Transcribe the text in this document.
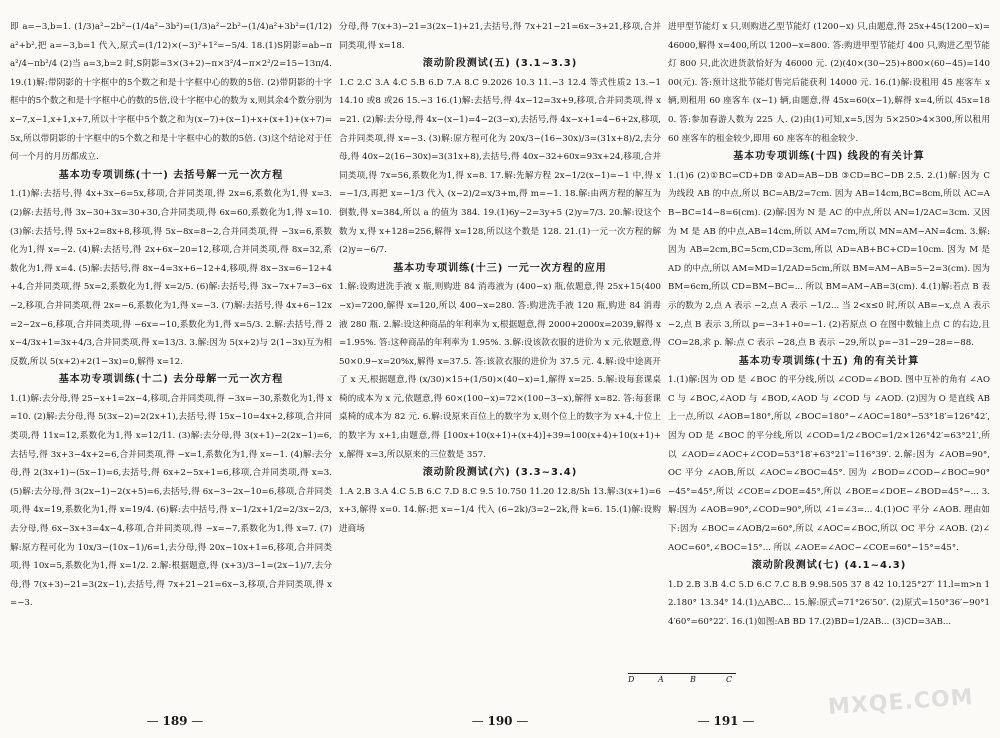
即 a=−3,b=1. (1/3)a²−2b²−(1/4a²−3b²)=(1/3)a²−2b²−(1/4)a²+3b²=(1/12)a²+b²,把 a=−3,b=1 代入,原式=(1/12)×(−3)²+1²=−5/4. 18.(1)S阴影=ab−πa²/4−πb²/4 (2)当 a=3,b=2 时,S阴影=3×(3+2)−π×3²/4−π×2²/2=15−13π/4. 19.(1)解:带阴影的十字框中的5个数之和是十字框中心的数的5倍. (2)带阴影的十字框中的5个数之和是十字框中心的数的5倍,设十字框中心的数为 x,则其余4个数分别为 x−7,x−1,x+1,x+7,所以十字框中5个数之和为(x−7)+(x−1)+x+(x+1)+(x+7)=5x,所以带阴影的十字框中的5个数之和是十字框中心的数的5倍. (3)这个结论对于任何一个月的月历都成立.

基本功专项训练(十一) 去括号解一元一次方程

1.(1)解:去括号,得 4x+3x−6=5x,移项,合并同类项,得 2x=6,系数化为1,得 x=3. (2)解:去括号,得 3x−30+3x=30+30,合并同类项,得 6x=60,系数化为1,得 x=10. (3)解:去括号,得 5x+2=8x+8,移项,得 5x−8x=8−2,合并同类项,得 −3x=6,系数化为1,得 x=−2. (4)解:去括号,得 2x+6x−20=12,移项,合并同类项,得 8x=32,系数化为1,得 x=4. (5)解:去括号,得 8x−4=3x+6−12+4,移项,得 8x−3x=6−12+4+4,合并同类项,得 5x=2,系数化为1,得 x=2/5. (6)解:去括号,得 3x−7x+7=3−6x−2,移项,合并同类项,得 2x=−6,系数化为1,得 x=−3. (7)解:去括号,得 4x+6−12x=2−2x−6,移项,合并同类项,得 −6x=−10,系数化为1,得 x=5/3. 2.解:去括号,得 2x−4/3x+1=3x+4/3,合并同类项,得 x=13/3. 3.解:因为 5(x+2)与 2(1−3x)互为相反数,所以 5(x+2)+2(1−3x)=0,解得 x=12.

基本功专项训练(十二) 去分母解一元一次方程

1.(1)解:去分母,得 25−x+1=2x−4,移项,合并同类项,得 −3x=−30,系数化为1,得 x=10. (2)解:去分母,得 5(3x−2)=2(2x+1),去括号,得 15x−10=4x+2,移项,合并同类项,得 11x=12,系数化为1,得 x=12/11. (3)解:去分母,得 3(x+1)−2(2x−1)=6,去括号,得 3x+3−4x+2=6,合并同类项,得 −x=1,系数化为1,得 x=−1. (4)解:去分母,得 2(3x+1)−(5x−1)=6,去括号,得 6x+2−5x+1=6,移项,合并同类项,得 x=3. (5)解:去分母,得 3(2x−1)−2(x+5)=6,去括号,得 6x−3−2x−10=6,移项,合并同类项,得 4x=19,系数化为1,得 x=19/4. (6)解:去中括号,得 x−1/2x+1/2=2/3x−2/3,去分母,得 6x−3x+3=4x−4,移项,合并同类项,得 −x=−7,系数化为1,得 x=7. (7)解:原方程可化为 10x/3−(10x−1)/6=1,去分母,得 20x−10x+1=6,移项,合并同类项,得 10x=5,系数化为1,得 x=1/2. 2.解:根据题意,得 (x+3)/3−1=(2x−1)/7,去分母,得 7(x+3)−21=3(2x−1),去括号,得 7x+21−21=6x−3,移项,合并同类项,得 x=−3.

分母,得 7(x+3)−21=3(2x−1)+21,去括号,得 7x+21−21=6x−3+21,移项,合并同类项,得 x=18.

滚动阶段测试(五) (3.1~3.3)

1.C 2.C 3.A 4.C 5.B 6.D 7.A 8.C 9.2026 10.3 11.−3 12.4 等式性质2 13.−1 14.10 或8 或26 15.−3 16.(1)解:去括号,得 4x−12=3x+9,移项,合并同类项,得 x=21. (2)解:去分母,得 4x−(x−1)=4−2(3−x),去括号,得 4x−x+1=4−6+2x,移项,合并同类项,得 x=−3. (3)解:原方程可化为 20x/3−(16−30x)/3=(31x+8)/2,去分母,得 40x−2(16−30x)=3(31x+8),去括号,得 40x−32+60x=93x+24,移项,合并同类项,得 7x=56,系数化为1,得 x=8. 17.解:先解方程 2x−1/2(x−1)=−1 中,得 x=−1/3,再把 x=−1/3 代入 (x−2)/2=x/3+m,得 m=−1. 18.解:由两方程的解互为倒数,得 x=384,所以 a 的值为 384. 19.(1)6y−2=3y+5 (2)y=7/3. 20.解:设这个数为 x,得 x+128=256,解得 x=128,所以这个数是 128. 21.(1)一元一次方程的解 (2)y=−6/7.

基本功专项训练(十三) 一元一次方程的应用

1.解:设购进洗手液 x 瓶,则购进 84 消毒液为 (400−x) 瓶,依题意,得 25x+15(400−x)=7200,解得 x=120,所以 400−x=280. 答:购进洗手液 120 瓶,购进 84 消毒液 280 瓶. 2.解:设这种商品的年利率为 x,根据题意,得 2000+2000x=2039,解得 x=1.95%. 答:这种商品的年利率为 1.95%. 3.解:设该款衣服的进价为 x 元,依题意,得 50×0.9−x=20%x,解得 x=37.5. 答:该款衣服的进价为 37.5 元. 4.解:设中途离开了 x 天,根据题意,得 (x/30)×15+(1/50)×(40−x)=1,解得 x=25. 5.解:设每套课桌椅的成本为 x 元,依题意,得 60×(100−x)=72×(100−3−x),解得 x=82. 答:每套课桌椅的成本为 82 元. 6.解:设原来百位上的数字为 x,则个位上的数字为 x+4,十位上的数字为 x+1,由题意,得 [100x+10(x+1)+(x+4)]+39=100(x+4)+10(x+1)+x,解得 x=3,所以原来的三位数是 357.

滚动阶段测试(六) (3.3~3.4)

1.A 2.B 3.A 4.C 5.B 6.C 7.D 8.C 9.5 10.750 11.20 12.8/5h 13.解:3(x+1)=6x+3,解得 x=0. 14.解:把 x=−1/4 代入 (6−2k)/3=2−2k,得 k=6. 15.(1)解:设购进商场

进甲型节能灯 x 只,则购进乙型节能灯 (1200−x) 只,由题意,得 25x+45(1200−x)=46000,解得 x=400,所以 1200−x=800. 答:购进甲型节能灯 400 只,购进乙型节能灯 800 只,此次进货款恰好为 46000 元. (2)(40×(30−25)+800×(60−45)=14000(元). 答:预计这批节能灯售完后能获利 14000 元. 16.(1)解:设租用 45 座客车 x 辆,则租用 60 座客车 (x−1) 辆,由题意,得 45x=60(x−1),解得 x=4,所以 45x=180. 答:参加春游人数为 225 人. (2)由(1)可知,x=5,因为 5×250>4×300,所以租用 60 座客车的租金较少,即用 60 座客车的租金较少.

基本功专项训练(十四) 线段的有关计算

1.(1)6 (2)①BC=CD+DB ②AD=AB−DB ③CD=BC−DB 2.5. 2.(1)解:因为 C 为线段 AB 的中点,所以 BC=AB/2=7cm. 因为 AB=14cm,BC=8cm,所以 AC=AB−BC=14−8=6(cm). (2)解:因为 N 是 AC 的中点,所以 AN=1/2AC=3cm. 又因为 M 是 AB 的中点,AB=14cm,所以 AM=7cm,所以 MN=AM−AN=4cm. 3.解:因为 AB=2cm,BC=5cm,CD=3cm,所以 AD=AB+BC+CD=10cm. 因为 M 是 AD 的中点,所以 AM=MD=1/2AD=5cm,所以 BM=AM−AB=5−2=3(cm). 因为 BM=6cm,所以 CD=BM−BC=... 所以 BM=AM−AB=3(cm). 4.(1)解:若点 B 表示的数为 2,点 A 表示 −2,点 A 表示 −1/2... 当 2<x≤0 时,所以 AB=−x,点 A 表示 −2,点 B 表示 3,所以 p=−3+1+0=−1. (2)若原点 O 在图中数轴上点 C 的右边,且 CO=28,求 p. 解:点 C 表示 −28,点 B 表示 −29,所以 p=−31−29−28=−88.

基本功专项训练(十五) 角的有关计算

1.(1)解:因为 OD 是 ∠BOC 的平分线,所以 ∠COD=∠BOD. 图中互补的角有 ∠AOC 与 ∠BOC,∠AOD 与 ∠BOD,∠AOD 与 ∠COD 与 ∠AOD. (2)因为 O 是直线 AB 上一点,所以 ∠AOB=180°,所以 ∠BOC=180°−∠AOC=180°−53°18′=126°42′,因为 OD 是 ∠BOC 的平分线,所以 ∠COD=1/2∠BOC=1/2×126°42′=63°21′,所以 ∠AOD=∠AOC+∠COD=53°18′+63°21′=116°39′. 2.解:因为 ∠AOB=90°,OC 平分 ∠AOB,所以 ∠AOC=∠BOC=45°. 因为 ∠BOD=∠COD−∠BOC=90°−45°=45°,所以 ∠COE=∠DOE=45°,所以 ∠BOE=∠DOE−∠BOD=45°−... 3.解:因为 ∠AOB=90°,∠COD=90°,所以 ∠1=∠3=... 4.(1)OC 平分 ∠AOB. 理由如下:因为 ∠BOC=∠AOB/2=60°,所以 ∠AOC=∠BOC,所以 OC 平分 ∠AOB. (2)∠AOC=60°,∠BOC=15°... 所以 ∠AOE=∠AOC−∠COE=60°−15°=45°.

滚动阶段测试(七) (4.1~4.3)

1.D 2.B 3.B 4.C 5.D 6.C 7.C 8.B 9.98.505 37 8 42 10.125°27′ 11.l=m>n 12.180° 13.34° 14.(1)△ABC... 15.解:原式=71°26′50″. (2)原式=150°36′−90°14′60°=60°22′. 16.(1)如图:AB BD 17.(2)BD=1/2AB... (3)CD=3AB...

D	A	B	C
— 189 —	— 190 —	— 191 —
MXQE.COM
